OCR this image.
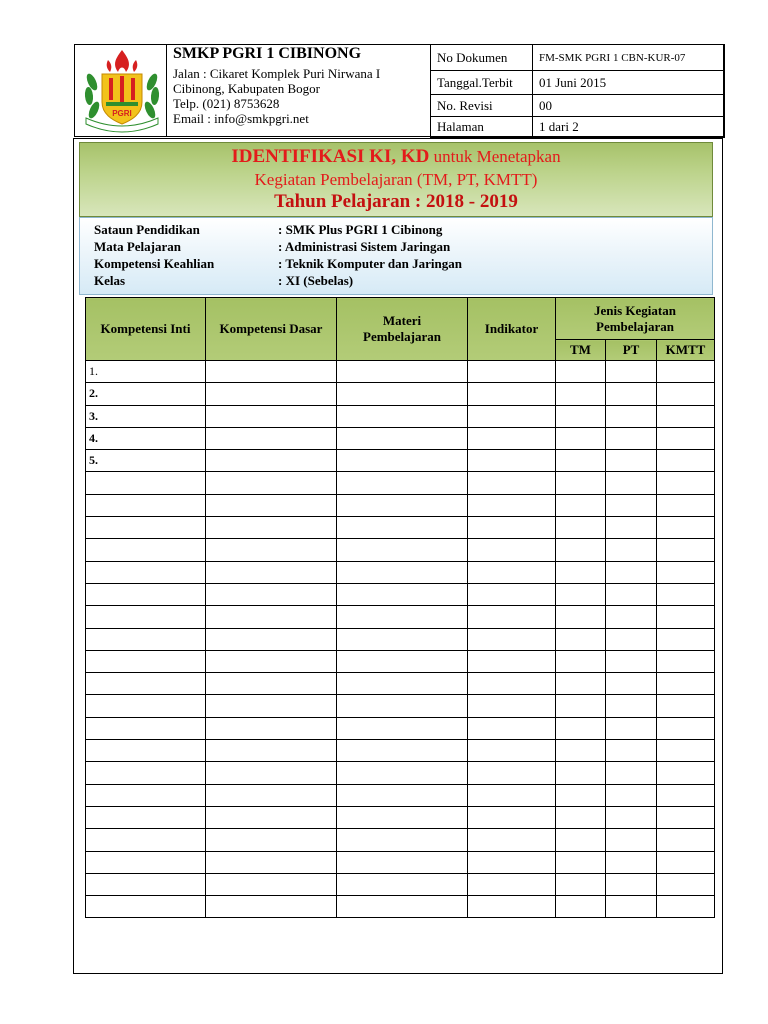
PGRI
SMKP PGRI 1 CIBINONG
Jalan : Cikaret Komplek Puri Nirwana I
Cibinong, Kabupaten Bogor
Telp. (021) 8753628
Email : info@smkpgri.net
No Dokumen	FM-SMK PGRI 1 CBN-KUR-07
Tanggal.Terbit	01 Juni 2015
No. Revisi	00
Halaman	1 dari 2
IDENTIFIKASI KI, KD untuk Menetapkan
Kegiatan Pembelajaran (TM, PT, KMTT)
Tahun Pelajaran : 2018 - 2019
Sataun Pendidikan	: SMK Plus PGRI 1 Cibinong
Mata Pelajaran	: Administrasi Sistem Jaringan
Kompetensi Keahlian	: Teknik Komputer dan Jaringan
Kelas	: XI (Sebelas)
Kompetensi Inti	Kompetensi Dasar	Materi Pembelajaran	Indikator	Jenis Kegiatan Pembelajaran		
				TM	PT	KMTT
1.						
2.						
3.						
4.						
5.						
